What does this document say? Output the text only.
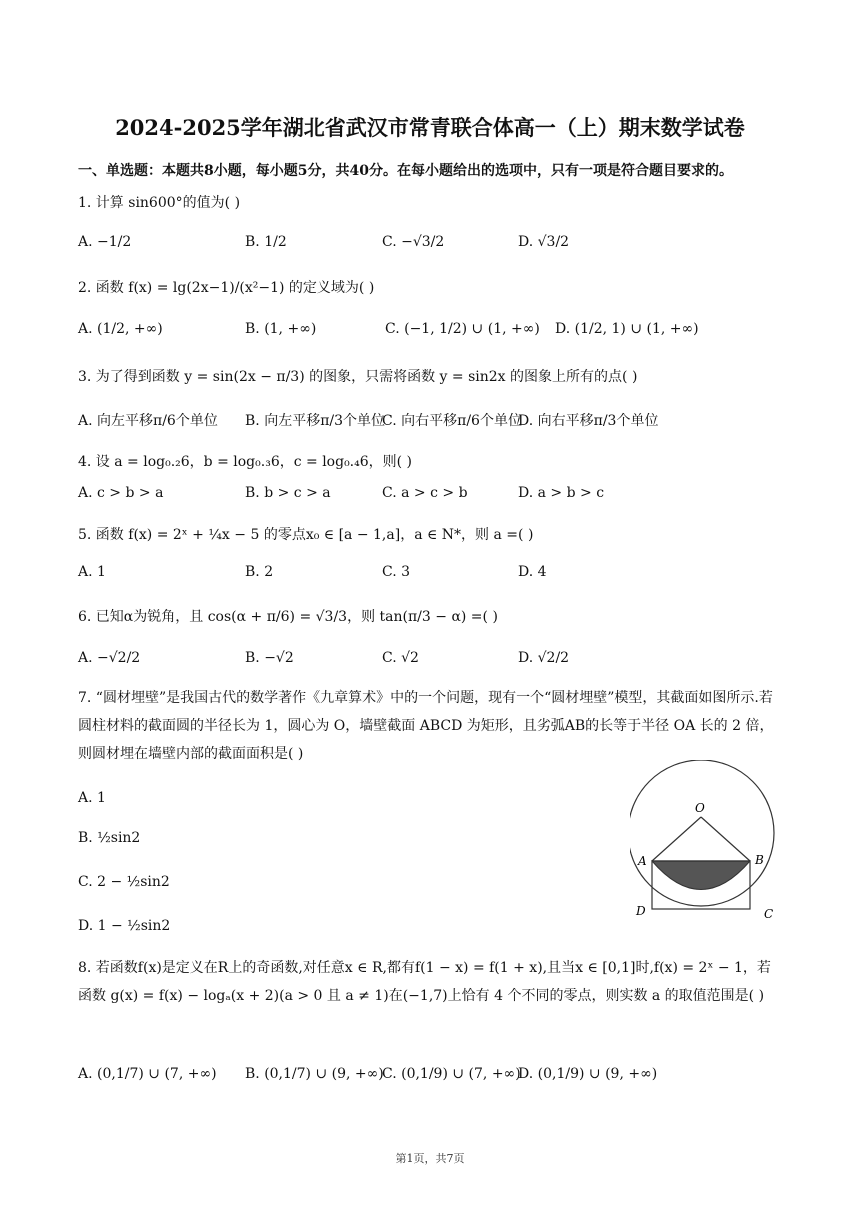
2024-2025学年湖北省武汉市常青联合体高一（上）期末数学试卷
一、单选题：本题共8小题，每小题5分，共40分。在每小题给出的选项中，只有一项是符合题目要求的。
1. 计算 sin600°的值为( )
A. −1/2	B. 1/2	C. −√3/2	D. √3/2
2. 函数 f(x) = lg(2x−1)/(x²−1) 的定义域为( )
A. (1/2, +∞)	B. (1, +∞)	C. (−1, 1/2) ∪ (1, +∞) D. (1/2, 1) ∪ (1, +∞)
3. 为了得到函数 y = sin(2x − π/3) 的图象，只需将函数 y = sin2x 的图象上所有的点( )
A. 向左平移π/6个单位 B. 向左平移π/3个单位
C. 向右平移π/6个单位
D. 向右平移π/3个单位
4. 设 a = log₀.₂6，b = log₀.₃6，c = log₀.₄6，则( )
A. c > b > a	B. b > c > a	C. a > c > b	D. a > b > c
5. 函数 f(x) = 2ˣ + ¼x − 5 的零点x₀ ∈ [a − 1,a]，a ∈ N*，则 a =( )
A. 1	B. 2	C. 3	D. 4
6. 已知α为锐角，且 cos(α + π/6) = √3/3，则 tan(π/3 − α) =( )
A. −√2/2	B. −√2	C. √2	D. √2/2
7. “圆材埋壁”是我国古代的数学著作《九章算术》中的一个问题，现有一个“圆材埋壁”模型，其截面如图所示.若圆柱材料的截面圆的半径长为 1，圆心为 O，墙壁截面 ABCD 为矩形，且劣弧AB的长等于半径 OA 长的 2 倍，则圆材埋在墙壁内部的截面面积是( )
A. 1
B. ½sin2
C. 2 − ½sin2
D. 1 − ½sin2
O
A	B
C
D
8. 若函数f(x)是定义在R上的奇函数,对任意x ∈ R,都有f(1 − x) = f(1 + x),且当x ∈ [0,1]时,f(x) = 2ˣ − 1，若函数 g(x) = f(x) − logₐ(x + 2)(a > 0 且 a ≠ 1)在(−1,7)上恰有 4 个不同的零点，则实数 a 的取值范围是( )
A. (0,1/7) ∪ (7, +∞) B. (0,1/7) ∪ (9, +∞)
C. (0,1/9) ∪ (7, +∞)
D. (0,1/9) ∪ (9, +∞)
第1页，共7页
